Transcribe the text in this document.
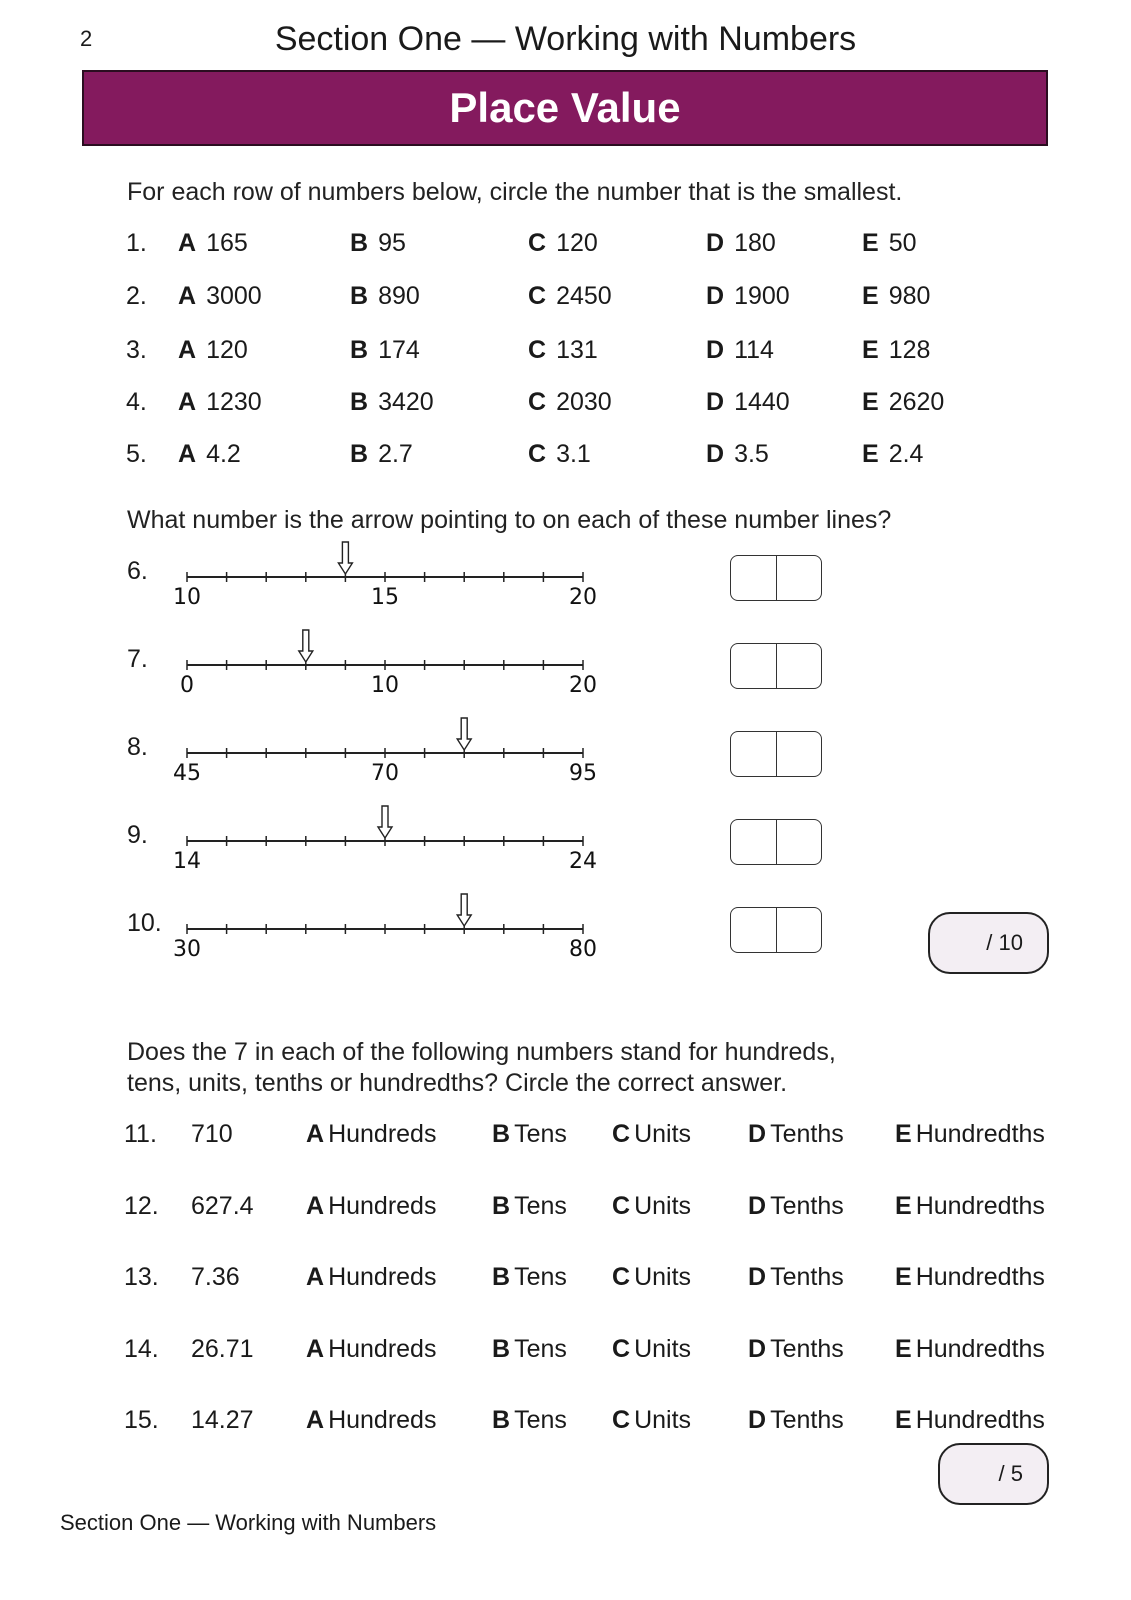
2	Section One — Working with Numbers
Place Value
For each row of numbers below, circle the number that is the smallest.
1. A 165	B 95	C 120	D 180	E 50
2. A 3000	B 890	C 2450	D 1900	E 980
3. A 120	B 174	C 131	D 114	E 128
4. A 1230	B 3420	C 2030	D 1440	E 2620
5. A 4.2	B 2.7	C 3.1	D 3.5	E 2.4
What number is the arrow pointing to on each of these number lines?
6.
10	15	20
7.
0	10	20
8.
45	70	95
9.
14	24
10.
30	80	/ 10
Does the 7 in each of the following numbers stand for hundreds,
tens, units, tenths or hundredths? Circle the correct answer.
11. 710	A Hundreds B Tens C Units D Tenths E Hundredths
12. 627.4 A Hundreds B Tens C Units D Tenths E Hundredths
13. 7.36	A Hundreds B Tens C Units D Tenths E Hundredths
14. 26.71 A Hundreds B Tens C Units D Tenths E Hundredths
15. 14.27 A Hundreds B Tens C Units D Tenths E Hundredths
/ 5
Section One — Working with Numbers
